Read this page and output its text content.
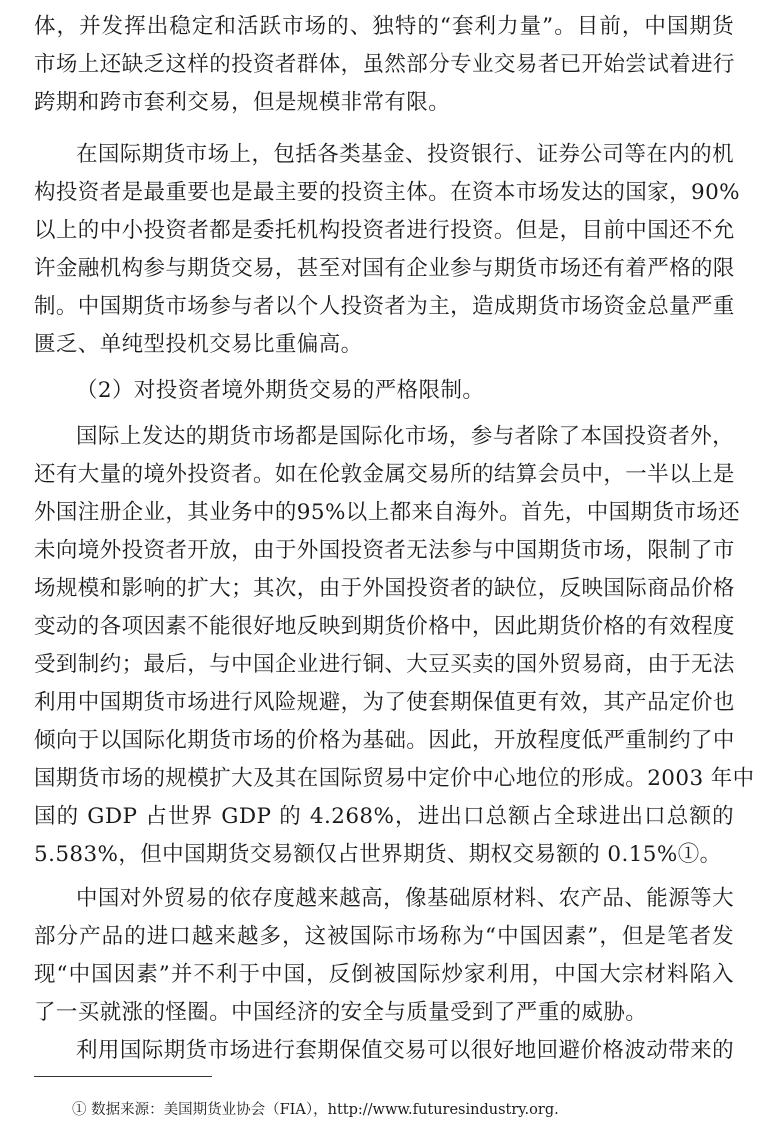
体，并发挥出稳定和活跃市场的、独特的“套利力量”。目前，中国期货
市场上还缺乏这样的投资者群体，虽然部分专业交易者已开始尝试着进行
跨期和跨市套利交易，但是规模非常有限。
在国际期货市场上，包括各类基金、投资银行、证券公司等在内的机
构投资者是最重要也是最主要的投资主体。在资本市场发达的国家，90%
以上的中小投资者都是委托机构投资者进行投资。但是，目前中国还不允
许金融机构参与期货交易，甚至对国有企业参与期货市场还有着严格的限
制。中国期货市场参与者以个人投资者为主，造成期货市场资金总量严重
匮乏、单纯型投机交易比重偏高。
（2）对投资者境外期货交易的严格限制。
国际上发达的期货市场都是国际化市场，参与者除了本国投资者外，
还有大量的境外投资者。如在伦敦金属交易所的结算会员中，一半以上是
外国注册企业，其业务中的95%以上都来自海外。首先，中国期货市场还
未向境外投资者开放，由于外国投资者无法参与中国期货市场，限制了市
场规模和影响的扩大；其次，由于外国投资者的缺位，反映国际商品价格
变动的各项因素不能很好地反映到期货价格中，因此期货价格的有效程度
受到制约；最后，与中国企业进行铜、大豆买卖的国外贸易商，由于无法
利用中国期货市场进行风险规避，为了使套期保值更有效，其产品定价也
倾向于以国际化期货市场的价格为基础。因此，开放程度低严重制约了中
国期货市场的规模扩大及其在国际贸易中定价中心地位的形成。2003 年中
国的 GDP 占世界 GDP 的 4.268%，进出口总额占全球进出口总额的
5.583%，但中国期货交易额仅占世界期货、期权交易额的 0.15%①。
中国对外贸易的依存度越来越高，像基础原材料、农产品、能源等大
部分产品的进口越来越多，这被国际市场称为“中国因素”，但是笔者发
现“中国因素”并不利于中国，反倒被国际炒家利用，中国大宗材料陷入
了一买就涨的怪圈。中国经济的安全与质量受到了严重的威胁。
利用国际期货市场进行套期保值交易可以很好地回避价格波动带来的
① 数据来源：美国期货业协会（FIA），http://www.futuresindustry.org.
